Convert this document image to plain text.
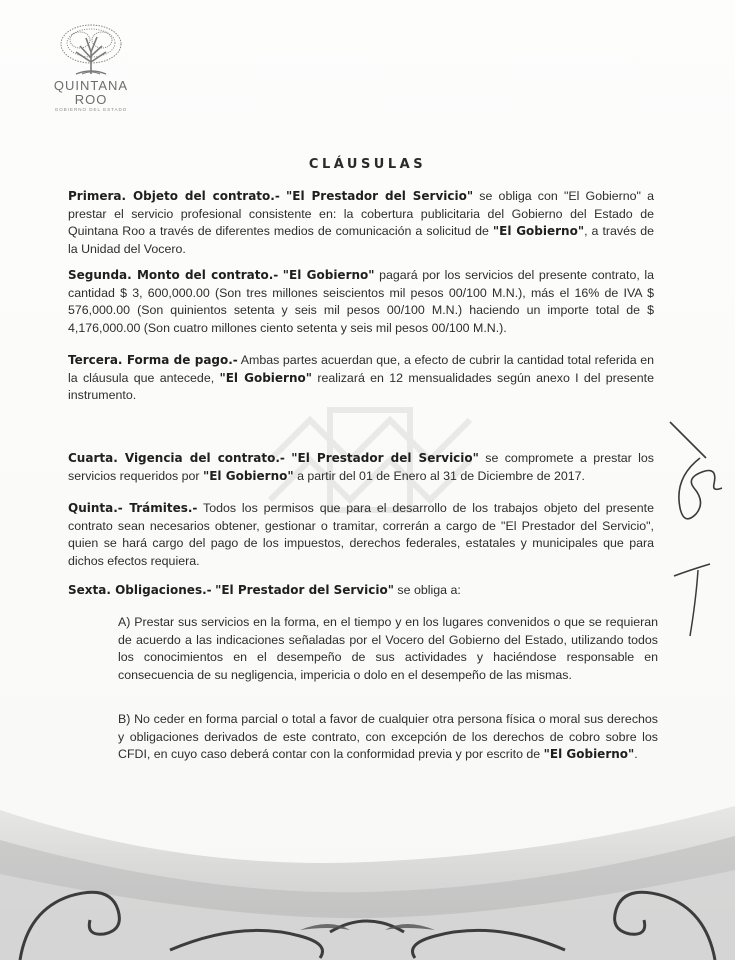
QUINTANA ROO
GOBIERNO DEL ESTADO
CLÁUSULAS
Primera. Objeto del contrato.- "El Prestador del Servicio" se obliga con "El Gobierno" a prestar el servicio profesional consistente en: la cobertura publicitaria del Gobierno del Estado de Quintana Roo a través de diferentes medios de comunicación a solicitud de "El Gobierno", a través de la Unidad del Vocero.
Segunda. Monto del contrato.- "El Gobierno" pagará por los servicios del presente contrato, la cantidad $ 3, 600,000.00 (Son tres millones seiscientos mil pesos 00/100 M.N.), más el 16% de IVA $ 576,000.00 (Son quinientos setenta y seis mil pesos 00/100 M.N.) haciendo un importe total de $ 4,176,000.00 (Son cuatro millones ciento setenta y seis mil pesos 00/100 M.N.).
Tercera. Forma de pago.- Ambas partes acuerdan que, a efecto de cubrir la cantidad total referida en la cláusula que antecede, "El Gobierno" realizará en 12 mensualidades según anexo I del presente instrumento.
Cuarta. Vigencia del contrato.- "El Prestador del Servicio" se compromete a prestar los servicios requeridos por "El Gobierno" a partir del 01 de Enero al 31 de Diciembre de 2017.
Quinta.- Trámites.- Todos los permisos que para el desarrollo de los trabajos objeto del presente contrato sean necesarios obtener, gestionar o tramitar, correrán a cargo de "El Prestador del Servicio", quien se hará cargo del pago de los impuestos, derechos federales, estatales y municipales que para dichos efectos requiera.
Sexta. Obligaciones.- "El Prestador del Servicio" se obliga a:
A) Prestar sus servicios en la forma, en el tiempo y en los lugares convenidos o que se requieran de acuerdo a las indicaciones señaladas por el Vocero del Gobierno del Estado, utilizando todos los conocimientos en el desempeño de sus actividades y haciéndose responsable en consecuencia de su negligencia, impericia o dolo en el desempeño de las mismas.
B) No ceder en forma parcial o total a favor de cualquier otra persona física o moral sus derechos y obligaciones derivados de este contrato, con excepción de los derechos de cobro sobre los CFDI, en cuyo caso deberá contar con la conformidad previa y por escrito de "El Gobierno".
